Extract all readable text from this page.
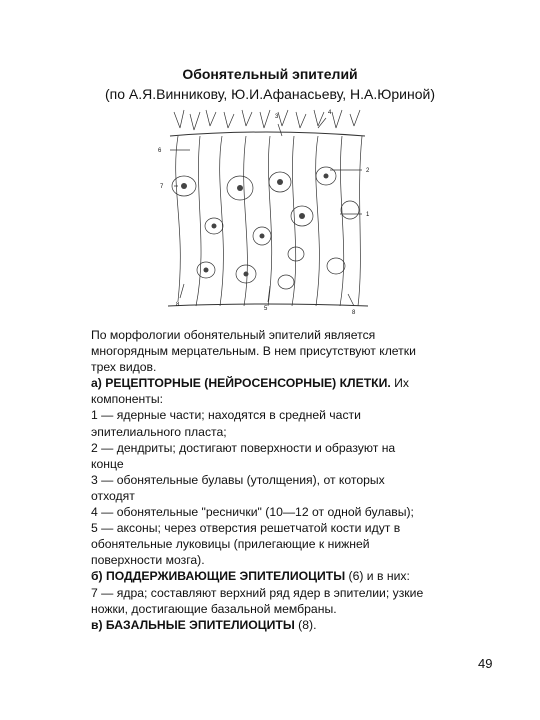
Обонятельный эпителий
(по А.Я.Винникову, Ю.И.Афанасьеву, Н.А.Юриной)
6
7
3
4
2
1
8
5
8

По морфологии обонятельный эпителий является

многорядным мерцательным. В нем присутствуют клетки

трех видов.

а) РЕЦЕПТОРНЫЕ (НЕЙРОСЕНСОРНЫЕ) КЛЕТКИ. Их

компоненты:

1 — ядерные части; находятся в средней части

эпителиального пласта;

2 — дендриты; достигают поверхности и образуют на

конце

3 — обонятельные булавы (утолщения), от которых

отходят

4 — обонятельные "реснички" (10—12 от одной булавы);

5 — аксоны; через отверстия решетчатой кости идут в

обонятельные луковицы (прилегающие к нижней

поверхности мозга).

б) ПОДДЕРЖИВАЮЩИЕ ЭПИТЕЛИОЦИТЫ (6) и в них:

7 — ядра; составляют верхний ряд ядер в эпителии; узкие

ножки, достигающие базальной мембраны.

в) БАЗАЛЬНЫЕ ЭПИТЕЛИОЦИТЫ (8).

49
